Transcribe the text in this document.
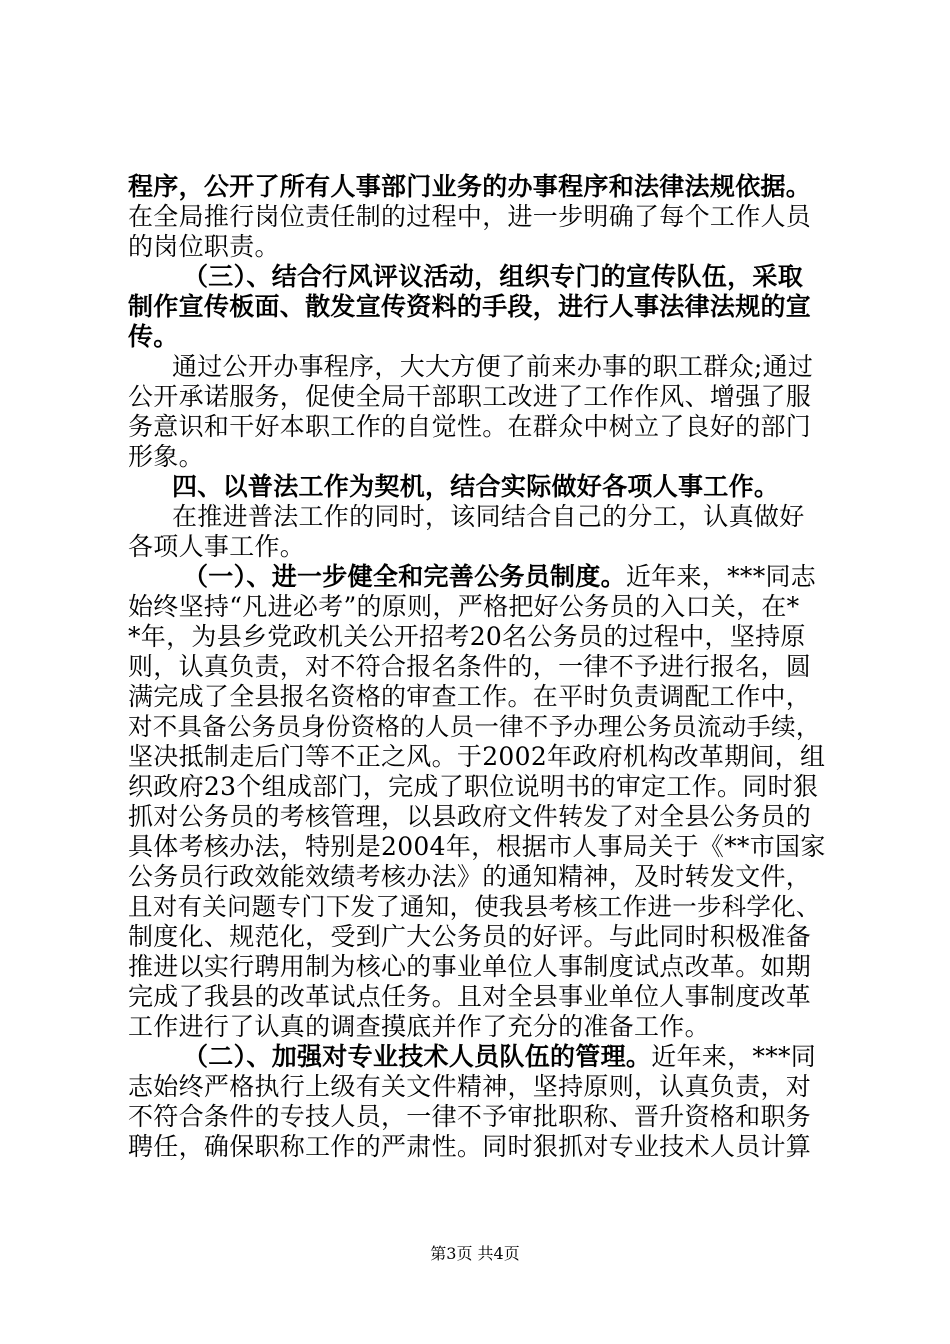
程序，公开了所有人事部门业务的办事程序和法律法规依据。
在全局推行岗位责任制的过程中，进一步明确了每个工作人员
的岗位职责。
（三）、结合行风评议活动，组织专门的宣传队伍，采取
制作宣传板面、散发宣传资料的手段，进行人事法律法规的宣
传。
通过公开办事程序，大大方便了前来办事的职工群众;通过
公开承诺服务，促使全局干部职工改进了工作作风、增强了服
务意识和干好本职工作的自觉性。在群众中树立了良好的部门
形象。
四、以普法工作为契机，结合实际做好各项人事工作。
在推进普法工作的同时，该同结合自己的分工，认真做好
各项人事工作。
（一）、进一步健全和完善公务员制度。近年来，***同志
始终坚持“凡进必考”的原则，严格把好公务员的入口关，在*
*年，为县乡党政机关公开招考20名公务员的过程中，坚持原
则，认真负责，对不符合报名条件的，一律不予进行报名，圆
满完成了全县报名资格的审查工作。在平时负责调配工作中，
对不具备公务员身份资格的人员一律不予办理公务员流动手续，
坚决抵制走后门等不正之风。于2002年政府机构改革期间，组
织政府23个组成部门，完成了职位说明书的审定工作。同时狠
抓对公务员的考核管理，以县政府文件转发了对全县公务员的
具体考核办法，特别是2004年，根据市人事局关于《**市国家
公务员行政效能效绩考核办法》的通知精神，及时转发文件，
且对有关问题专门下发了通知，使我县考核工作进一步科学化、
制度化、规范化，受到广大公务员的好评。与此同时积极准备
推进以实行聘用制为核心的事业单位人事制度试点改革。如期
完成了我县的改革试点任务。且对全县事业单位人事制度改革
工作进行了认真的调查摸底并作了充分的准备工作。
（二）、加强对专业技术人员队伍的管理。近年来，***同
志始终严格执行上级有关文件精神，坚持原则，认真负责，对
不符合条件的专技人员，一律不予审批职称、晋升资格和职务
聘任，确保职称工作的严肃性。同时狠抓对专业技术人员计算
第3页 共4页
